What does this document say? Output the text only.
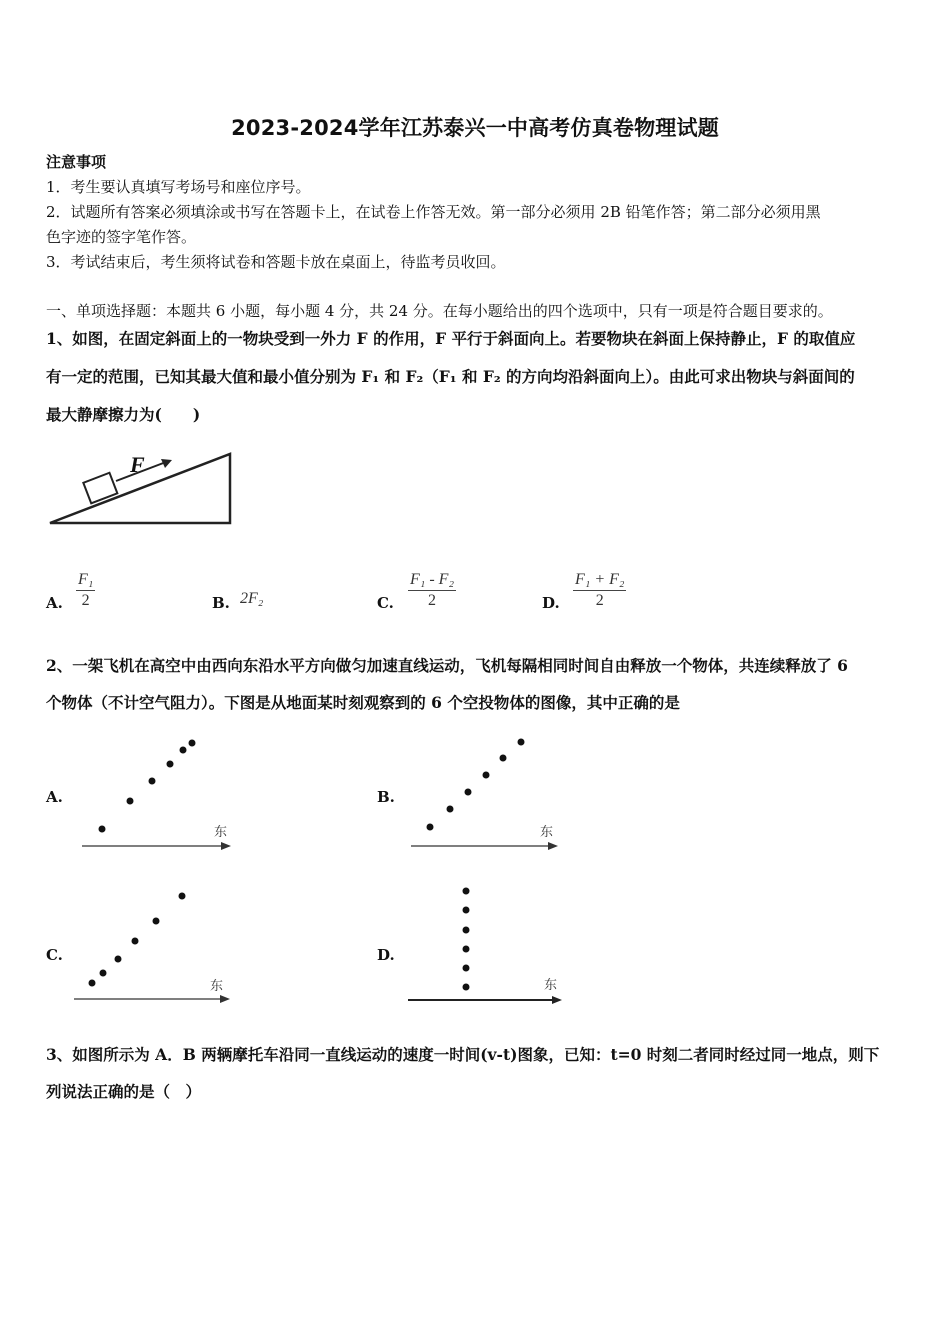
2023-2024学年江苏泰兴一中高考仿真卷物理试题
注意事项
1．考生要认真填写考场号和座位序号。
2．试题所有答案必须填涂或书写在答题卡上，在试卷上作答无效。第一部分必须用 2B 铅笔作答；第二部分必须用黑
色字迹的签字笔作答。
3．考试结束后，考生须将试卷和答题卡放在桌面上，待监考员收回。
一、单项选择题：本题共 6 小题，每小题 4 分，共 24 分。在每小题给出的四个选项中，只有一项是符合题目要求的。
1、如图，在固定斜面上的一物块受到一外力 F 的作用，F 平行于斜面向上。若要物块在斜面上保持静止，F 的取值应
有一定的范围，已知其最大值和最小值分别为 F₁ 和 F₂（F₁ 和 F₂ 的方向均沿斜面向上）。由此可求出物块与斜面间的
最大静摩擦力为(　　)
F
A. $\frac{\text{F₁}}{2}$	B. 2F₂	C. $\frac{\text{F₁ - F₂}}{2}$	D. $\frac{\text{F₁ + F₂}}{2}$
2、一架飞机在高空中由西向东沿水平方向做匀加速直线运动，飞机每隔相同时间自由释放一个物体，共连续释放了 6
个物体（不计空气阻力）。下图是从地面某时刻观察到的 6 个空投物体的图像，其中正确的是
A.
东
B.
东
C.
东
D.
东
3、如图所示为 A．B 两辆摩托车沿同一直线运动的速度一时间(v-t)图象，已知：t=0 时刻二者同时经过同一地点，则下
列说法正确的是（　）
